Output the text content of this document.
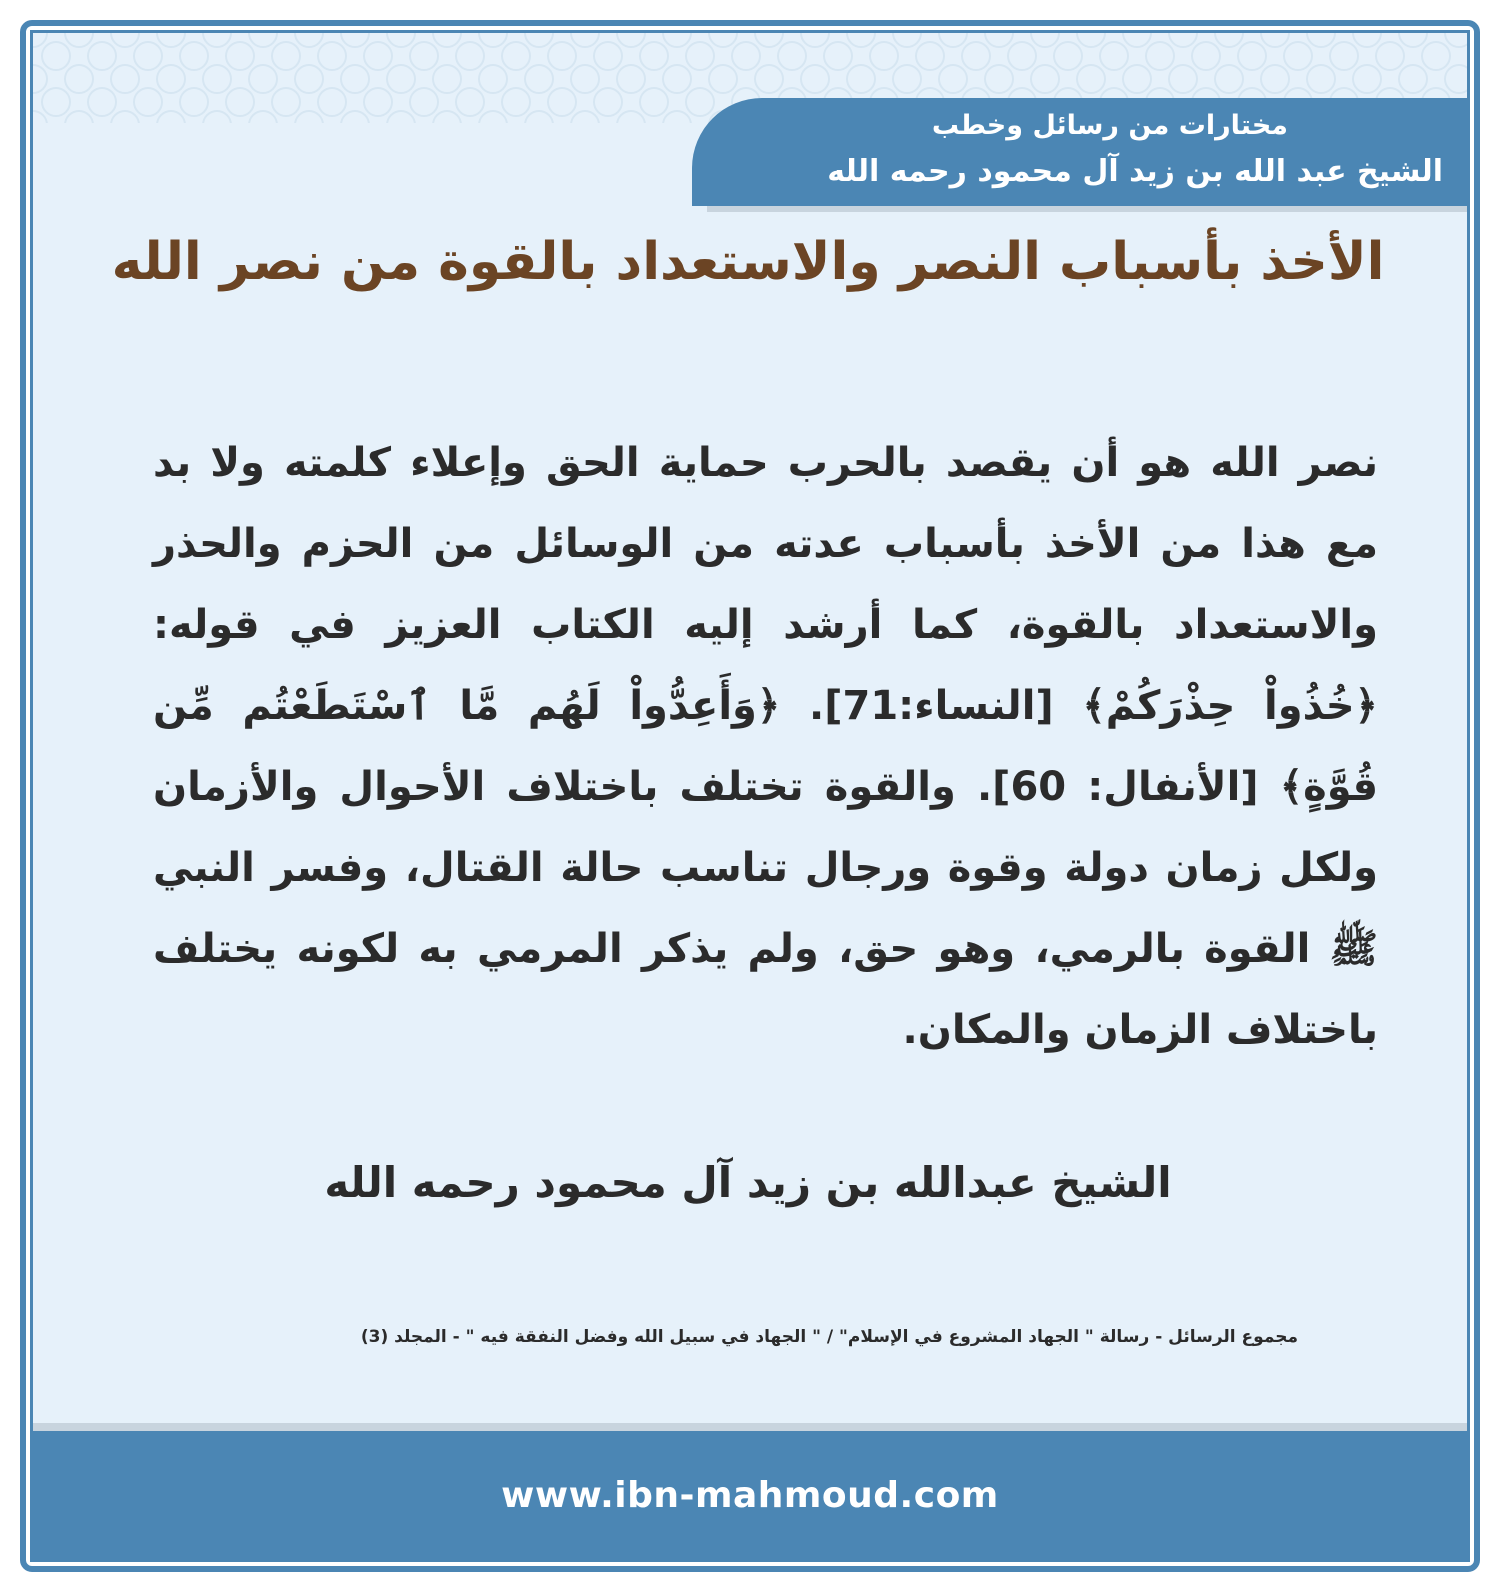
مختارات من رسائل وخطب
الشيخ عبد الله بن زيد آل محمود رحمه الله
الأخذ بأسباب النصر والاستعداد بالقوة من نصر الله
نصر الله هو أن يقصد بالحرب حماية الحق وإعلاء كلمته ولا بد مع هذا من الأخذ بأسباب عدته من الوسائل من الحزم والحذر والاستعداد بالقوة، كما أرشد إليه الكتاب العزيز في قوله: ﴿خُذُواْ حِذْرَكُمْ﴾ [النساء:71]. ﴿وَأَعِدُّواْ لَهُم مَّا ٱسْتَطَعْتُم مِّن قُوَّةٍ﴾ [الأنفال: 60]. والقوة تختلف باختلاف الأحوال والأزمان ولكل زمان دولة وقوة ورجال تناسب حالة القتال، وفسر النبي ﷺ القوة بالرمي، وهو حق، ولم يذكر المرمي به لكونه يختلف باختلاف الزمان والمكان.
الشيخ عبدالله بن زيد آل محمود رحمه الله
مجموع الرسائل - رسالة " الجهاد المشروع في الإسلام" / " الجهاد في سبيل الله وفضل النفقة فيه " - المجلد (3)
www.ibn-mahmoud.com
